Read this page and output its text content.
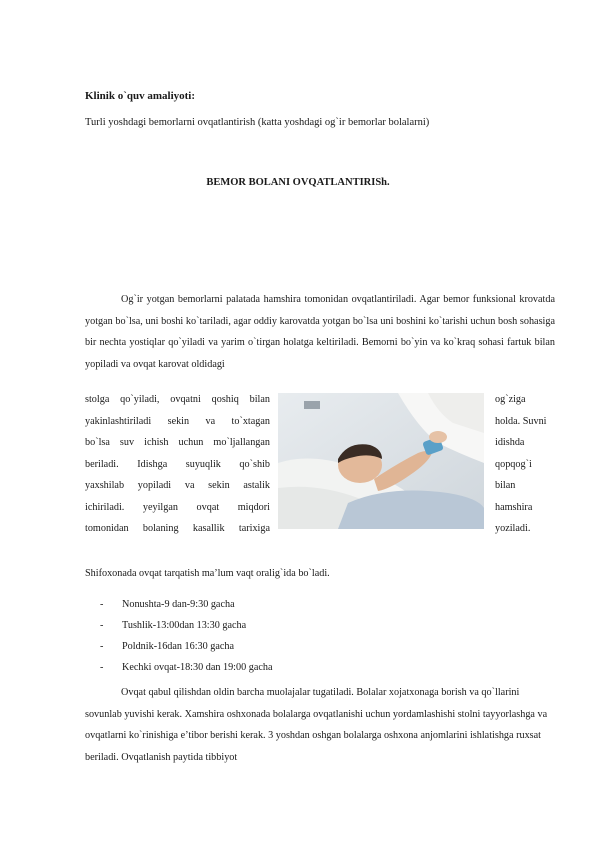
Klinik o`quv amaliyoti:
Turli yoshdagi bemorlarni ovqatlantirish (katta yoshdagi og`ir bemorlar bolalarni)
BEMOR BOLANI OVQATLANTIRISh.
Og`ir yotgan bemorlarni palatada hamshira tomonidan ovqatlantiriladi. Agar bemor funksional krovatda yotgan bo`lsa, uni boshi ko`tariladi, agar oddiy karovatda yotgan bo`lsa uni boshini ko`tarishi uchun bosh sohasiga bir nechta yostiqlar qo`yiladi va yarim o`tirgan holatga keltiriladi. Bemorni bo`yin va ko`kraq sohasi fartuk bilan yopiladi va ovqat karovat oldidagi
stolga qo`yiladi, ovqatni qoshiq bilan
yakinlashtiriladi sekin va to`xtagan
bo`lsa suv ichish uchun mo`ljallangan
beriladi. Idishga suyuqlik qo`shib
yaxshilab yopiladi va sekin astalik
ichiriladi. yeyilgan ovqat miqdori
tomonidan bolaning kasallik tarixiga
og`ziga
holda. Suvni
idishda
qopqog`i
bilan
hamshira
yoziladi.
Shifoxonada ovqat tarqatish ma’lum vaqt oralig`ida bo`ladi.
- Nonushta-9 dan-9:30 gacha
- Tushlik-13:00dan 13:30 gacha
- Poldnik-16dan 16:30 gacha
- Kechki ovqat-18:30 dan 19:00 gacha
Ovqat qabul qilishdan oldin barcha muolajalar tugatiladi. Bolalar xojatxonaga borish va qo`llarini sovunlab yuvishi kerak. Xamshira oshxonada bolalarga ovqatlanishi uchun yordamlashishi stolni tayyorlashga va ovqatlarni ko`rinishiga e’tibor berishi kerak. 3 yoshdan oshgan bolalarga oshxona anjomlarini ishlatishga ruxsat beriladi. Ovqatlanish paytida tibbiyot
